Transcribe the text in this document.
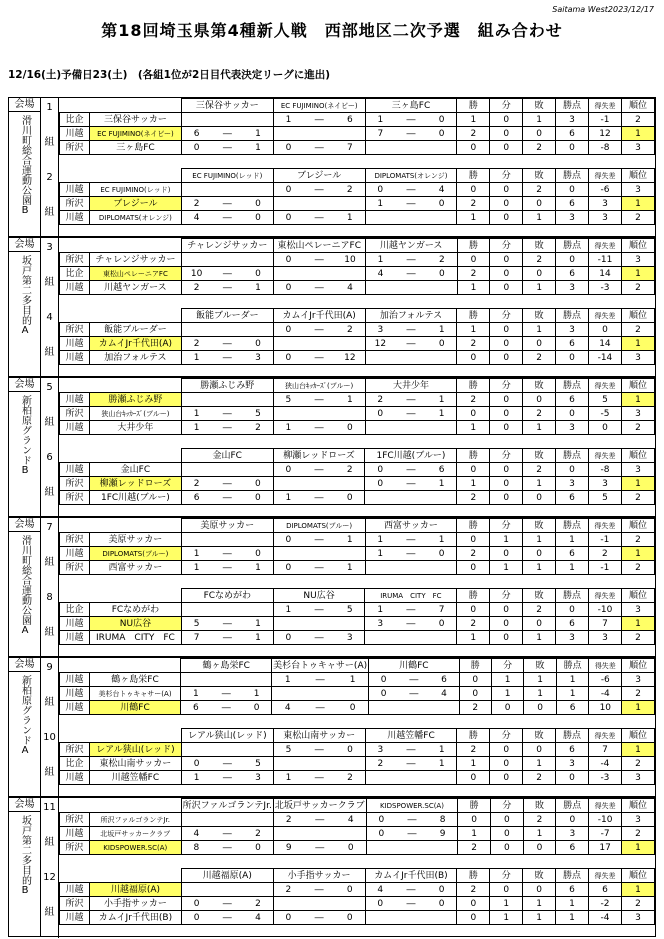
Saitama West2023/12/17
第18回埼玉県第4種新人戦　西部地区二次予選　組み合わせ
12/16(土)予備日23(土)　(各組1位が2日目代表決定リーグに進出)
会場
滑川町総合運動公園B
1
組
		三保谷サッカー			EC FUJIMINO(ネイビー)			三ヶ島FC			勝	分	敗	勝点	得失差	順位
比企	三保谷サッカー				1	―	6	1	―	0	1	0	1	3	-1	2
川越	EC FUJIMINO(ネイビー)	6	―	1				7	―	0	2	0	0	6	12	1
所沢	三ヶ島FC	0	―	1	0	―	7				0	0	2	0	-8	3
2
組
		EC FUJIMINO(レッド)			ブレジール			DIPLOMATS(オレンジ)			勝	分	敗	勝点	得失差	順位
川越	EC FUJIMINO(レッド)				0	―	2	0	―	4	0	0	2	0	-6	3
所沢	ブレジール	2	―	0				1	―	0	2	0	0	6	3	1
川越	DIPLOMATS(オレンジ)	4	―	0	0	―	1				1	0	1	3	3	2
会場
坂戸第二多目的A
3
組
		チャレンジサッカー			東松山ペレーニアFC			川越ヤンガース			勝	分	敗	勝点	得失差	順位
所沢	チャレンジサッカー				0	―	10	1	―	2	0	0	2	0	-11	3
比企	東松山ペレーニアFC	10	―	0				4	―	0	2	0	0	6	14	1
川越	川越ヤンガース	2	―	1	0	―	4				1	0	1	3	-3	2
4
組
		飯能ブルーダー			カムイJr千代田(A)			加治フォルテス			勝	分	敗	勝点	得失差	順位
所沢	飯能ブルーダー				0	―	2	3	―	1	1	0	1	3	0	2
川越	カムイJr千代田(A)	2	―	0				12	―	0	2	0	0	6	14	1
川越	加治フォルテス	1	―	3	0	―	12				0	0	2	0	-14	3
会場
新柏原グランドB
5
組
		勝瀬ふじみ野			狭山台ｷｯｶｰｽﾞ(ブルー)			大井少年			勝	分	敗	勝点	得失差	順位
川越	勝瀬ふじみ野				5	―	1	2	―	1	2	0	0	6	5	1
所沢	狭山台ｷｯｶｰｽﾞ(ブルー)	1	―	5				0	―	1	0	0	2	0	-5	3
川越	大井少年	1	―	2	1	―	0				1	0	1	3	0	2
6
組
		金山FC			柳瀬レッドローズ			1FC川越(ブルー)			勝	分	敗	勝点	得失差	順位
川越	金山FC				0	―	2	0	―	6	0	0	2	0	-8	3
所沢	柳瀬レッドローズ	2	―	0				0	―	1	1	0	1	3	3	1
所沢	1FC川越(ブルー)	6	―	0	1	―	0				2	0	0	6	5	2
会場
滑川町総合運動公園A
7
組
		美原サッカー			DIPLOMATS(ブルー)			西富サッカー			勝	分	敗	勝点	得失差	順位
所沢	美原サッカー				0	―	1	1	―	1	0	1	1	1	-1	2
川越	DIPLOMATS(ブルー)	1	―	0				1	―	0	2	0	0	6	2	1
所沢	西富サッカー	1	―	1	0	―	1				0	1	1	1	-1	2
8
組
		FCなめがわ			NU広谷			IRUMA　CITY　FC			勝	分	敗	勝点	得失差	順位
比企	FCなめがわ				1	―	5	1	―	7	0	0	2	0	-10	3
川越	NU広谷	5	―	1				3	―	0	2	0	0	6	7	1
川越	IRUMA　CITY　FC	7	―	1	0	―	3				1	0	1	3	3	2
会場
新柏原グランドA
9
組
		鶴ヶ島栄FC			美杉台トゥキャサー(A)			川鶴FC			勝	分	敗	勝点	得失差	順位
川越	鶴ヶ島栄FC				1	―	1	0	―	6	0	1	1	1	-6	3
川越	美杉台トゥキャサー(A)	1	―	1				0	―	4	0	1	1	1	-4	2
川越	川鶴FC	6	―	0	4	―	0				2	0	0	6	10	1
10
組
		レアル狭山(レッド)			東松山南サッカー			川越笠幡FC			勝	分	敗	勝点	得失差	順位
所沢	レアル狭山(レッド)				5	―	0	3	―	1	2	0	0	6	7	1
比企	東松山南サッカー	0	―	5				2	―	1	1	0	1	3	-4	2
川越	川越笠幡FC	1	―	3	1	―	2				0	0	2	0	-3	3
会場
坂戸第二多目的B
11
組
		所沢ファルゴランテJr.			北坂戸サッカークラブ			KIDSPOWER.SC(A)			勝	分	敗	勝点	得失差	順位
所沢	所沢ファルゴランテJr.				2	―	4	0	―	8	0	0	2	0	-10	3
川越	北坂戸サッカークラブ	4	―	2				0	―	9	1	0	1	3	-7	2
所沢	KIDSPOWER.SC(A)	8	―	0	9	―	0				2	0	0	6	17	1
12
組
		川越福原(A)			小手指サッカー			カムイJr千代田(B)			勝	分	敗	勝点	得失差	順位
川越	川越福原(A)				2	―	0	4	―	0	2	0	0	6	6	1
所沢	小手指サッカー	0	―	2				0	―	0	0	1	1	1	-2	2
川越	カムイJr千代田(B)	0	―	4	0	―	0				0	1	1	1	-4	3
